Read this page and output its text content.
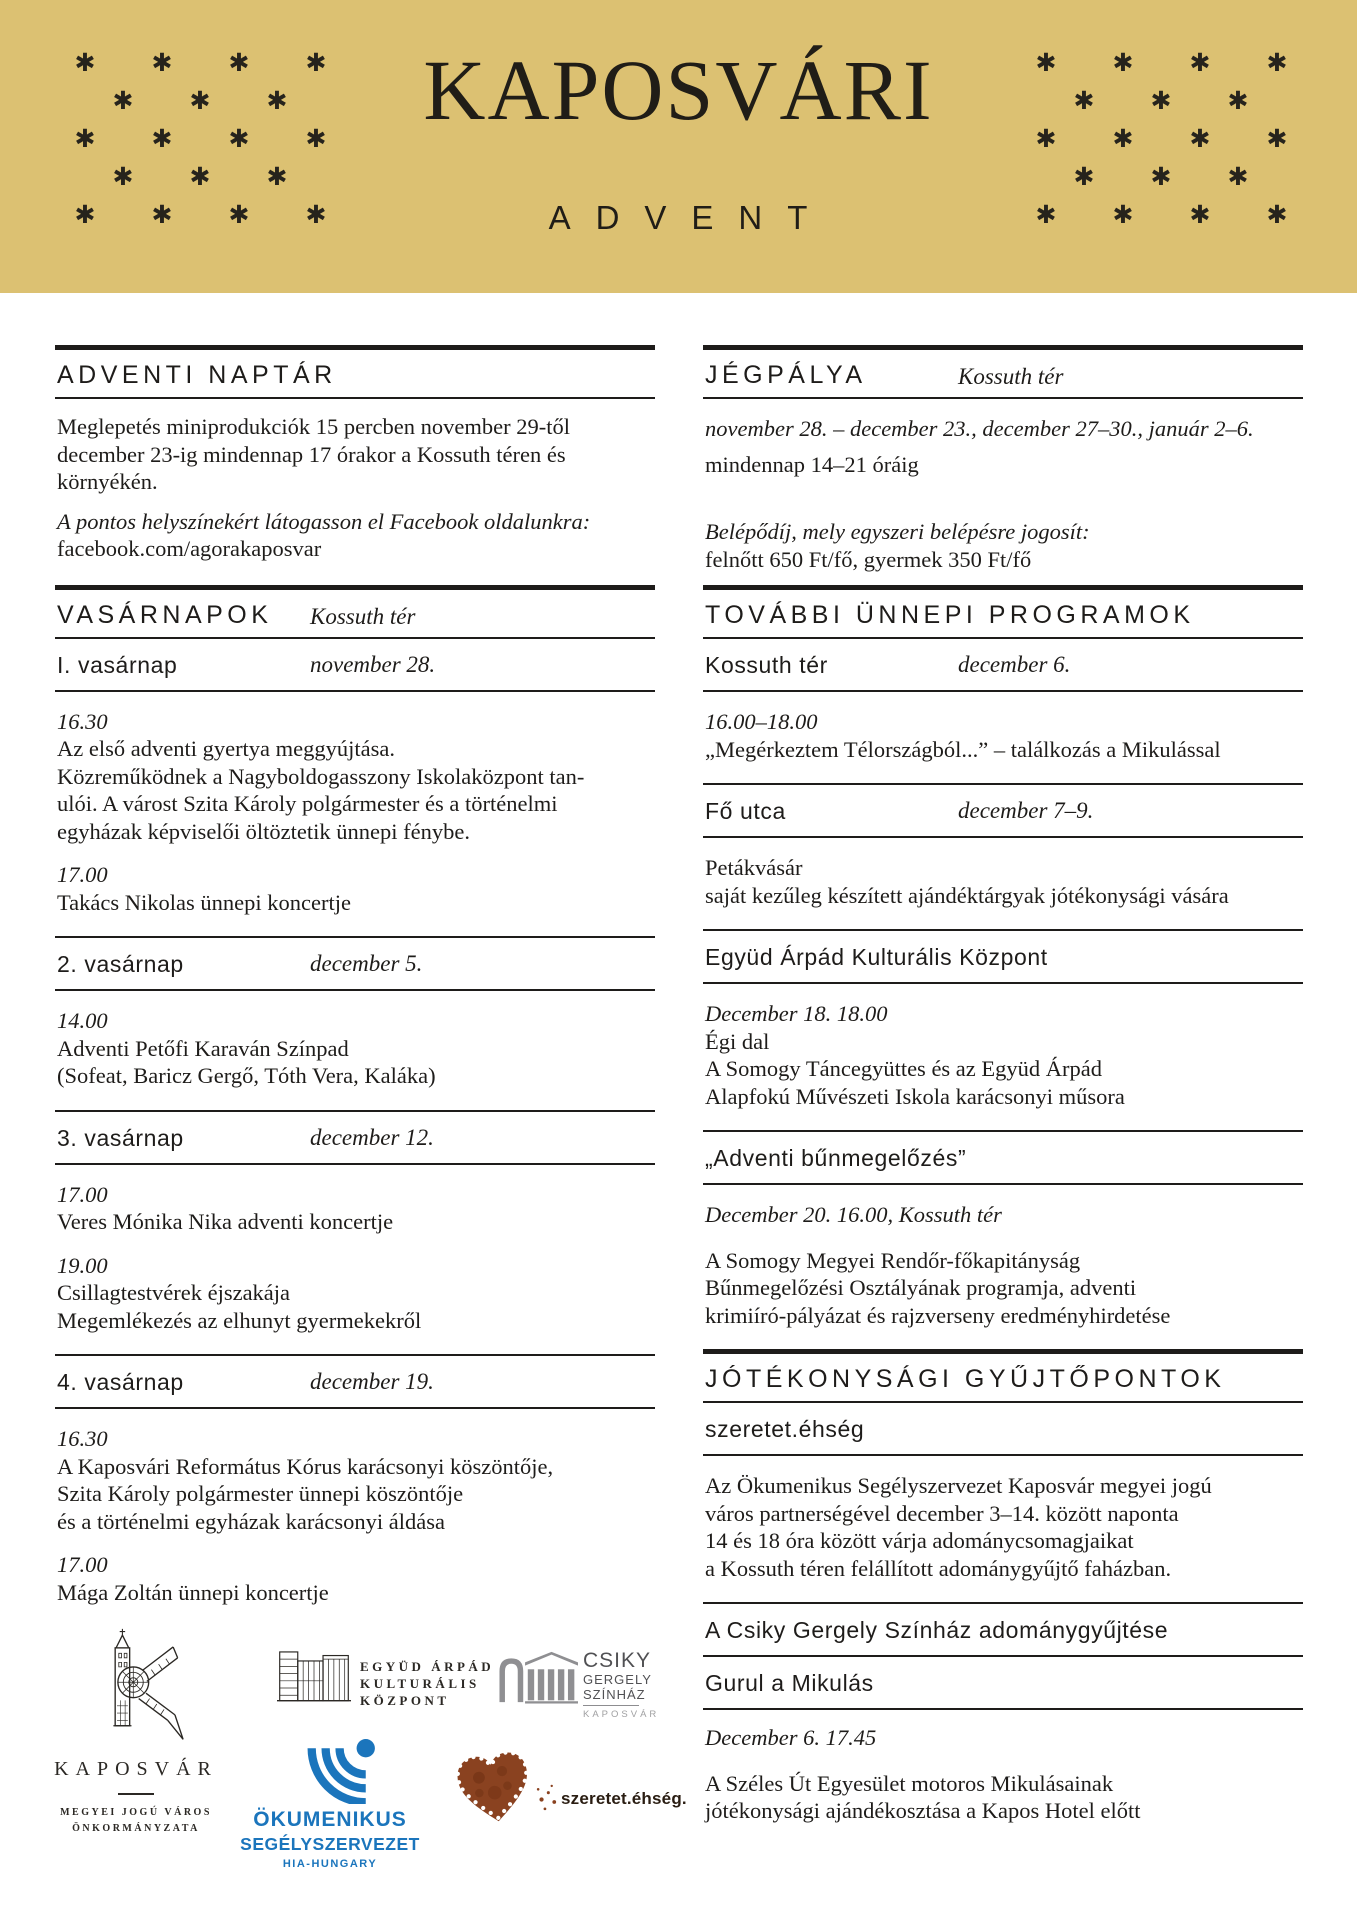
✱ ✱ ✱ ✱
✱ ✱ ✱
✱ ✱ ✱ ✱
✱ ✱ ✱
✱ ✱ ✱ ✱
✱ ✱ ✱ ✱
✱ ✱ ✱
✱ ✱ ✱ ✱
✱ ✱ ✱
✱ ✱ ✱ ✱
KAPOSVÁRI
ADVENT
ADVENTI NAPTÁR
Meglepetés miniprodukciók 15 percben november 29-től
december 23-ig mindennap 17 órakor a Kossuth téren és
környékén.
A pontos helyszínekért látogasson el Facebook oldalunkra:
facebook.com/agorakaposvar
VASÁRNAPOK	Kossuth tér
I. vasárnap	november 28.
16.30
Az első adventi gyertya meggyújtása.
Közreműködnek a Nagyboldogasszony Iskolaközpont tan-
ulói. A várost Szita Károly polgármester és a történelmi
egyházak képviselői öltöztetik ünnepi fénybe.
17.00
Takács Nikolas ünnepi koncertje
2. vasárnap	december 5.
14.00
Adventi Petőfi Karaván Színpad
(Sofeat, Baricz Gergő, Tóth Vera, Kaláka)
3. vasárnap	december 12.
17.00
Veres Mónika Nika adventi koncertje
19.00
Csillagtestvérek éjszakája
Megemlékezés az elhunyt gyermekekről
4. vasárnap	december 19.
16.30
A Kaposvári Református Kórus karácsonyi köszöntője,
Szita Károly polgármester ünnepi köszöntője
és a történelmi egyházak karácsonyi áldása
17.00
Mága Zoltán ünnepi koncertje
JÉGPÁLYA	Kossuth tér
november 28. – december 23., december 27–30., január 2–6.
mindennap 14–21 óráig
Belépődíj, mely egyszeri belépésre jogosít:
felnőtt 650 Ft/fő, gyermek 350 Ft/fő
TOVÁBBI ÜNNEPI PROGRAMOK
Kossuth tér	december 6.
16.00–18.00
„Megérkeztem Télországból...” – találkozás a Mikulással
Fő utca	december 7–9.
Petákvásár
saját kezűleg készített ajándéktárgyak jótékonysági vására
Együd Árpád Kulturális Központ
December 18. 18.00
Égi dal
A Somogy Táncegyüttes és az Együd Árpád
Alapfokú Művészeti Iskola karácsonyi műsora
„Adventi bűnmegelőzés”
December 20. 16.00, Kossuth tér
A Somogy Megyei Rendőr-főkapitányság
Bűnmegelőzési Osztályának programja, adventi
krimiíró-pályázat és rajzverseny eredményhirdetése
JÓTÉKONYSÁGI GYŰJTŐPONTOK
szeretet.éhség
Az Ökumenikus Segélyszervezet Kaposvár megyei jogú
város partnerségével december 3–14. között naponta
14 és 18 óra között várja adománycsomagjaikat
a Kossuth téren felállított adománygyűjtő faházban.
A Csiky Gergely Színház adománygyűjtése
Gurul a Mikulás
December 6. 17.45
A Széles Út Egyesület motoros Mikulásainak
jótékonysági ajándékosztása a Kapos Hotel előtt
KAPOSVÁR
MEGYEI JOGÚ VÁROS
ÖNKORMÁNYZATA
EGYÜD ÁRPÁD
KULTURÁLIS
KÖZPONT
CSIKY
GERGELY
SZÍNHÁZ
KAPOSVÁR
ÖKUMENIKUS
SEGÉLYSZERVEZET
HIA-HUNGARY
szeretet.éhség.
